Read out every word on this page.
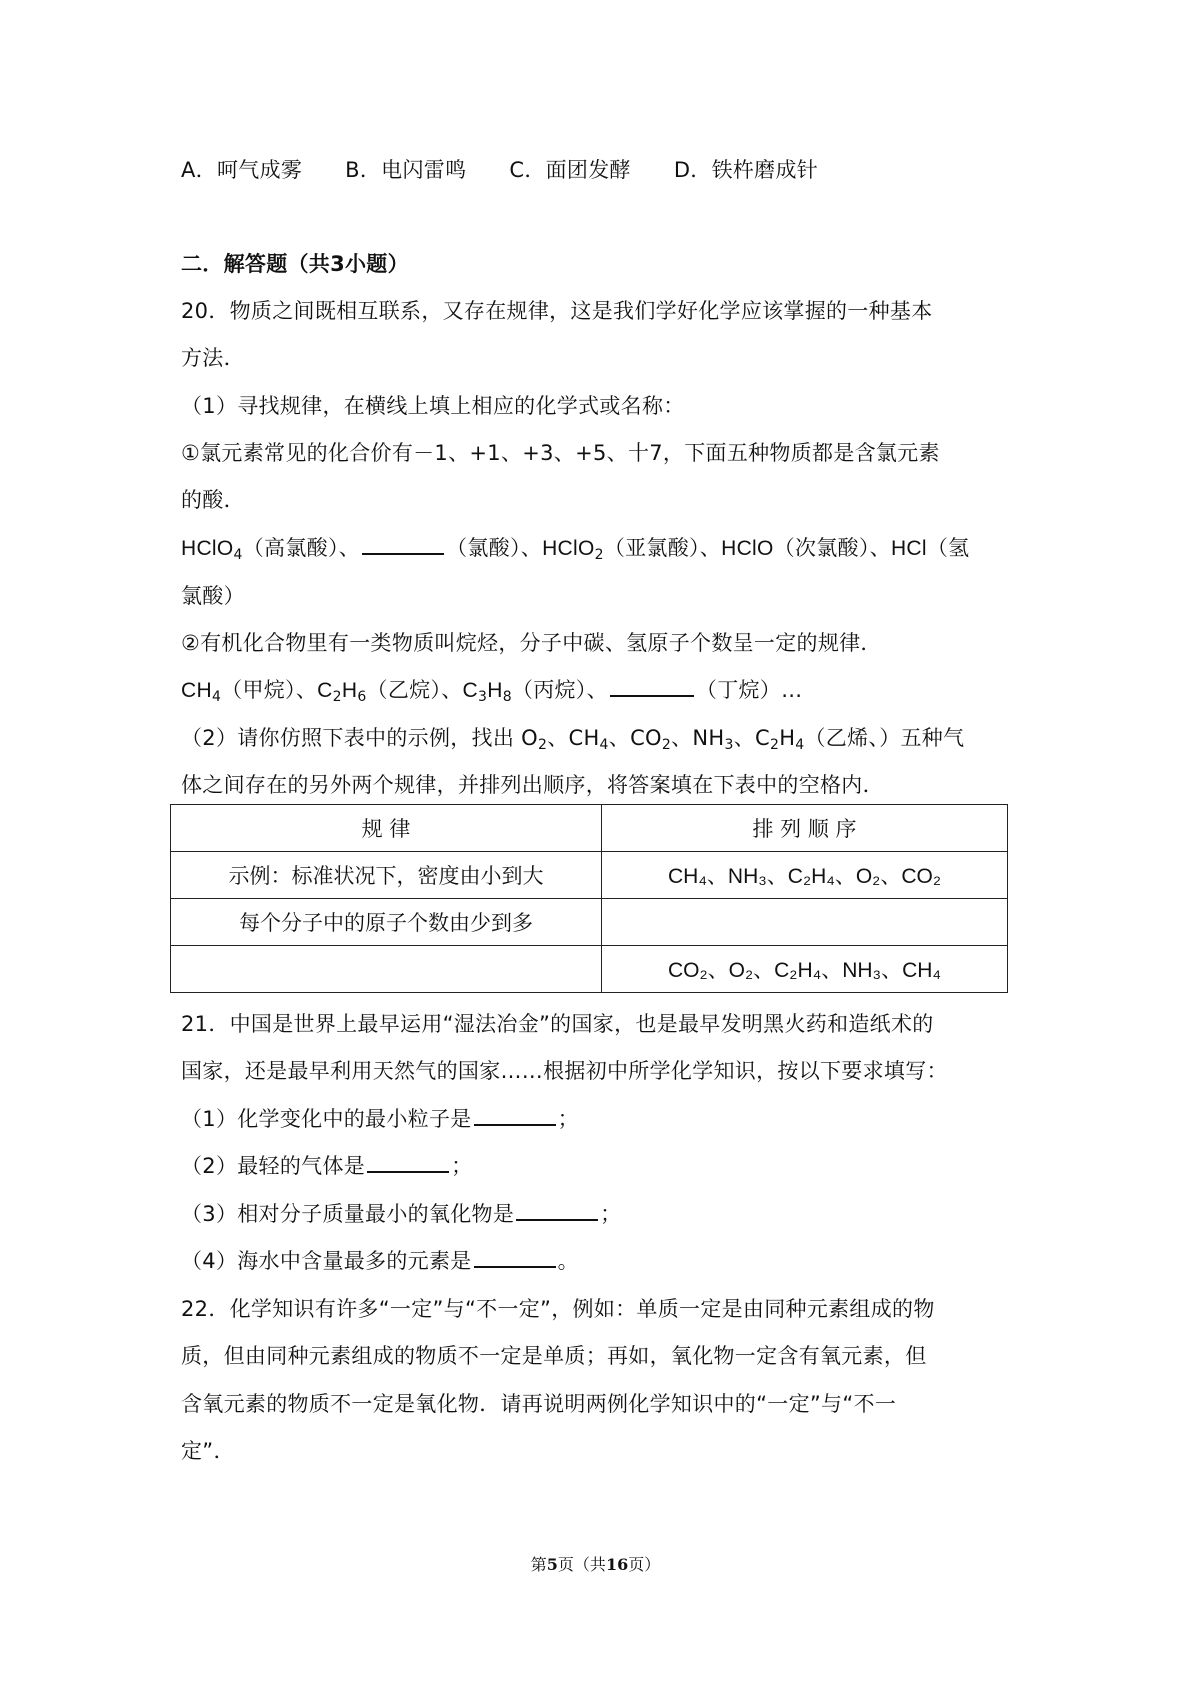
A．呵气成雾 B．电闪雷鸣 C．面团发酵 D．铁杵磨成针
二．解答题（共3小题）
20．物质之间既相互联系，又存在规律，这是我们学好化学应该掌握的一种基本
方法．
（1）寻找规律，在横线上填上相应的化学式或名称：
①氯元素常见的化合价有－1、+1、+3、+5、十7，下面五种物质都是含氯元素
的酸．
HClO$_4$（高氯酸）、	（氯酸）、HClO$_2$（亚氯酸）、HClO（次氯酸）、HCl（氢
氯酸）
②有机化合物里有一类物质叫烷烃，分子中碳、氢原子个数呈一定的规律．
$CH_4$（甲烷）、$C_2H_6$（乙烷）、$C_3H_8$（丙烷）、	（丁烷）…
（2）请你仿照下表中的示例，找出 $O_2$、$CH_4$、$CO_2$、$NH_3$、$C_2H_4$（乙烯、）五种气
体之间存在的另外两个规律，并排列出顺序，将答案填在下表中的空格内．
规 律	排 列 顺 序
示例：标准状况下，密度由小到大	CH₄、NH₃、C₂H₄、O₂、CO₂
每个分子中的原子个数由少到多	
	CO₂、O₂、C₂H₄、NH₃、CH₄
21．中国是世界上最早运用“湿法冶金”的国家，也是最早发明黑火药和造纸术的
国家，还是最早利用天然气的国家……根据初中所学化学知识，按以下要求填写：
（1）化学变化中的最小粒子是	；
（2）最轻的气体是	；
（3）相对分子质量最小的氧化物是	；
（4）海水中含量最多的元素是	。
22．化学知识有许多“一定”与“不一定”，例如：单质一定是由同种元素组成的物
质，但由同种元素组成的物质不一定是单质；再如，氧化物一定含有氧元素，但
含氧元素的物质不一定是氧化物．请再说明两例化学知识中的“一定”与“不一
定”．
第5页（共16页）
